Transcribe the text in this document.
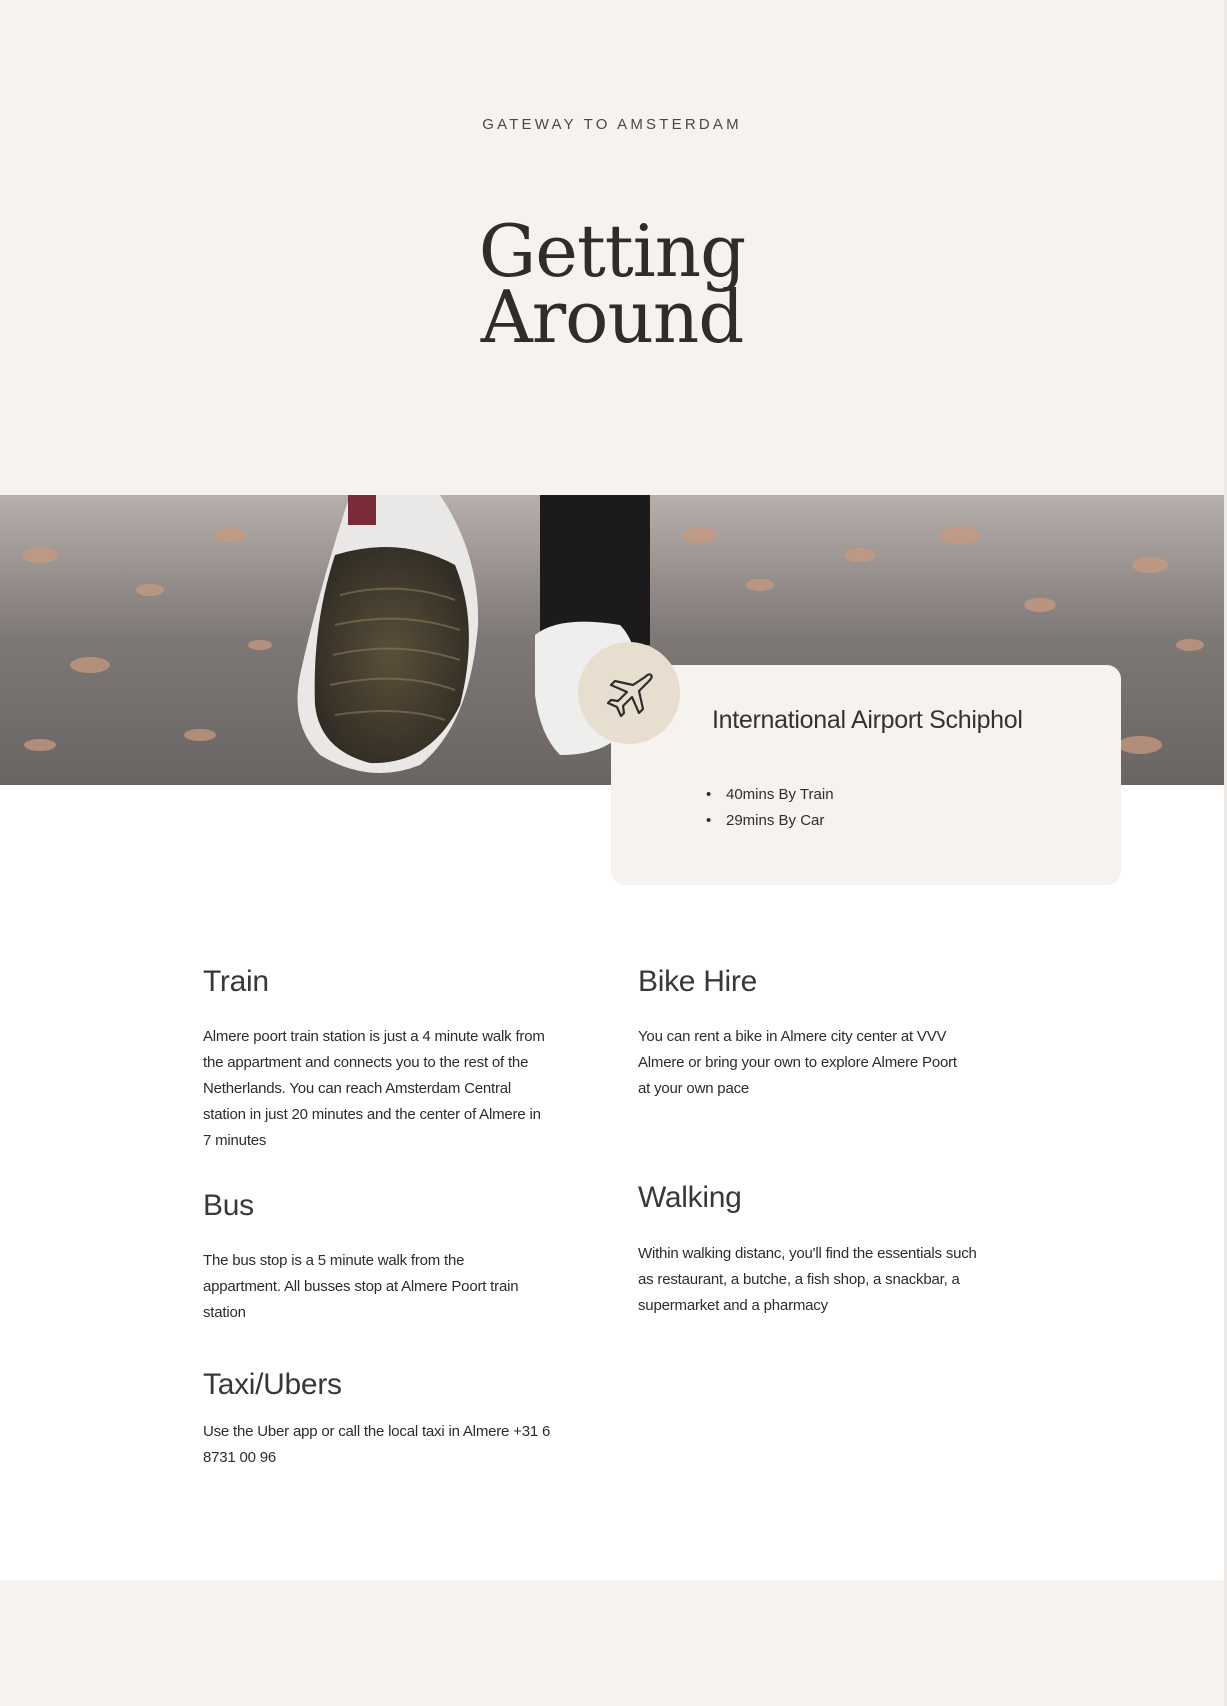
GATEWAY TO AMSTERDAM
Getting
Around
International Airport Schiphol
• 40mins By Train
• 29mins By Car
Train
Almere poort train station is just a 4 minute walk from the appartment and connects you to the rest of the Netherlands. You can reach Amsterdam Central station in just 20 minutes and the center of Almere in 7 minutes
Bike Hire
You can rent a bike in Almere city center at VVV Almere or bring your own to explore Almere Poort at your own pace
Bus
The bus stop is a 5 minute walk from the appartment. All busses stop at Almere Poort train station
Walking
Within walking distanc, you'll find the essentials such as restaurant, a butche, a fish shop, a snackbar, a supermarket and a pharmacy
Taxi/Ubers
Use the Uber app or call the local taxi in Almere +31 6 8731 00 96
